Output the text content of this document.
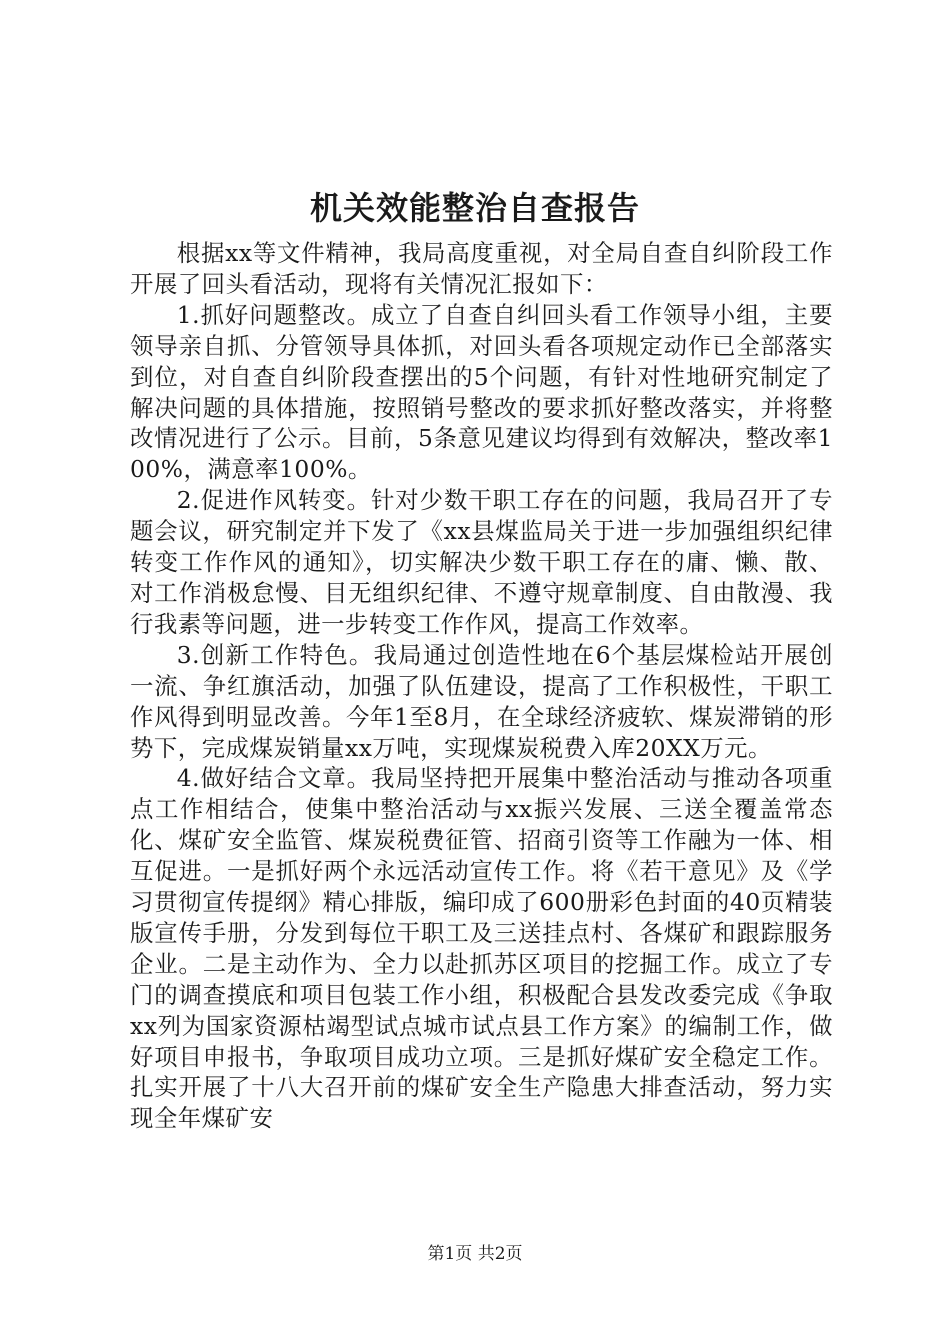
机关效能整治自查报告

根据xx等文件精神，我局高度重视，对全局自查自纠阶段工作开展了回头看活动，现将有关情况汇报如下：

1.抓好问题整改。成立了自查自纠回头看工作领导小组，主要领导亲自抓、分管领导具体抓，对回头看各项规定动作已全部落实到位，对自查自纠阶段查摆出的5个问题，有针对性地研究制定了解决问题的具体措施，按照销号整改的要求抓好整改落实，并将整改情况进行了公示。目前，5条意见建议均得到有效解决，整改率100%，满意率100%。

2.促进作风转变。针对少数干职工存在的问题，我局召开了专题会议，研究制定并下发了《xx县煤监局关于进一步加强组织纪律转变工作作风的通知》，切实解决少数干职工存在的庸、懒、散、对工作消极怠慢、目无组织纪律、不遵守规章制度、自由散漫、我行我素等问题，进一步转变工作作风，提高工作效率。

3.创新工作特色。我局通过创造性地在6个基层煤检站开展创一流、争红旗活动，加强了队伍建设，提高了工作积极性，干职工作风得到明显改善。今年1至8月，在全球经济疲软、煤炭滞销的形势下，完成煤炭销量xx万吨，实现煤炭税费入库20XX万元。

4.做好结合文章。我局坚持把开展集中整治活动与推动各项重点工作相结合，使集中整治活动与xx振兴发展、三送全覆盖常态化、煤矿安全监管、煤炭税费征管、招商引资等工作融为一体、相互促进。一是抓好两个永远活动宣传工作。将《若干意见》及《学习贯彻宣传提纲》精心排版，编印成了600册彩色封面的40页精装版宣传手册，分发到每位干职工及三送挂点村、各煤矿和跟踪服务企业。二是主动作为、全力以赴抓苏区项目的挖掘工作。成立了专门的调查摸底和项目包装工作小组，积极配合县发改委完成《争取xx列为国家资源枯竭型试点城市试点县工作方案》的编制工作，做好项目申报书，争取项目成功立项。三是抓好煤矿安全稳定工作。扎实开展了十八大召开前的煤矿安全生产隐患大排查活动，努力实现全年煤矿安

第1页 共2页
